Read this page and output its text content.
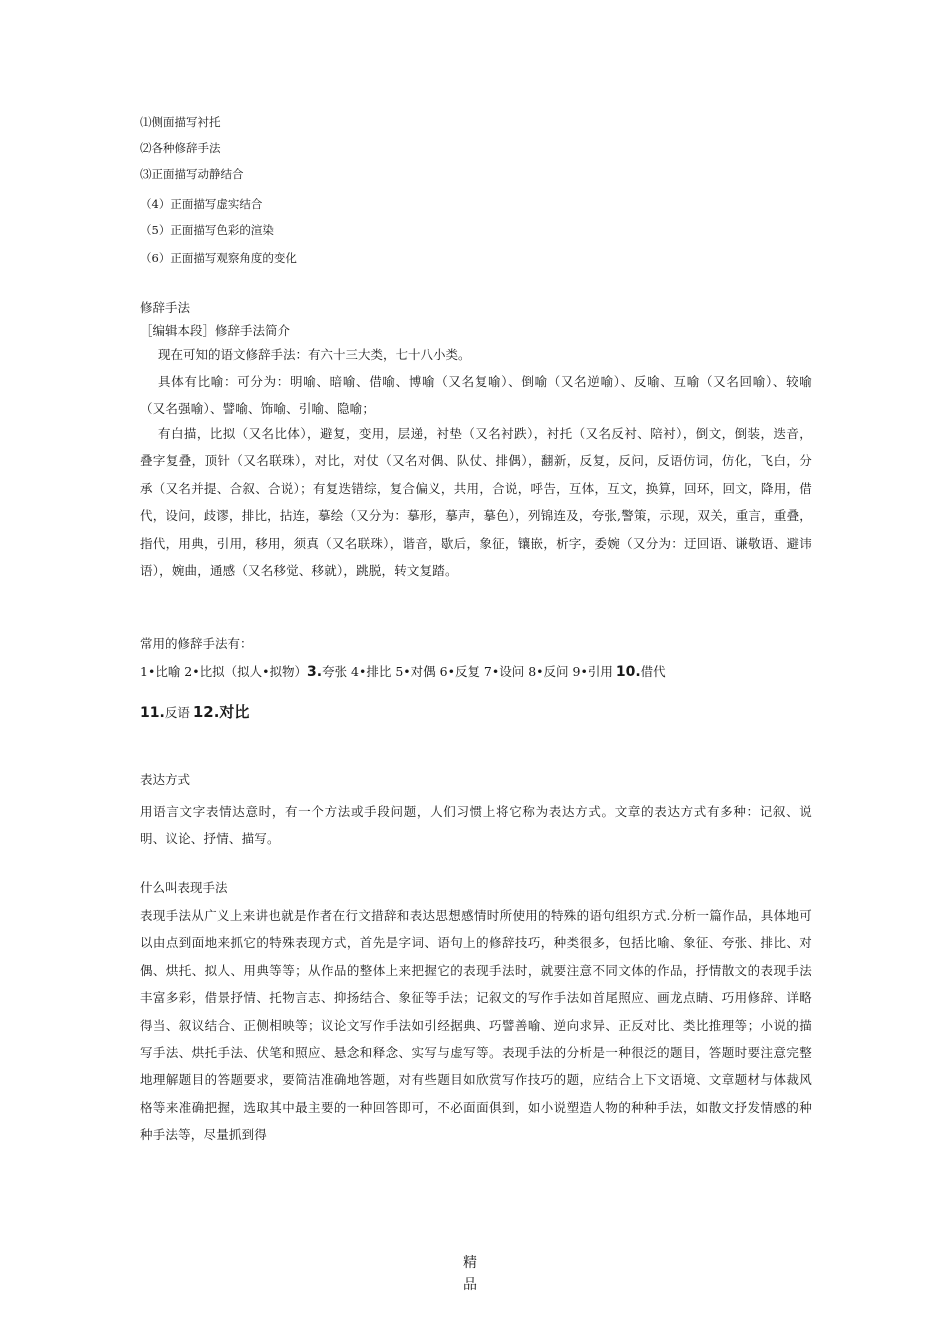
⑴侧面描写衬托
⑵各种修辞手法
⑶正面描写动静结合
（4）正面描写虚实结合
（5）正面描写色彩的渲染
（6）正面描写观察角度的变化
修辞手法
［编辑本段］修辞手法简介
现在可知的语文修辞手法：有六十三大类，七十八小类。
具体有比喻：可分为：明喻、暗喻、借喻、博喻（又名复喻）、倒喻（又名逆喻）、反喻、互喻（又名回喻）、较喻（又名强喻）、譬喻、饰喻、引喻、隐喻；
有白描，比拟（又名比体），避复，变用，层递，衬垫（又名衬跌），衬托（又名反衬、陪衬），倒文，倒装，迭音，叠字复叠，顶针（又名联珠），对比，对仗（又名对偶、队仗、排偶），翻新，反复，反问，反语仿词，仿化，飞白，分承（又名并提、合叙、合说）；有复迭错综，复合偏义，共用，合说，呼告，互体，互文，换算，回环，回文，降用，借代，设问，歧谬，排比，拈连，摹绘（又分为：摹形，摹声，摹色），列锦连及，夸张,警策，示现，双关，重言，重叠，指代，用典，引用，移用，须真（又名联珠），谐音，歇后，象征，镶嵌，析字，委婉（又分为：迂回语、谦敬语、避讳语），婉曲，通感（又名移觉、移就），跳脱，转文复踏。
常用的修辞手法有：
1•比喻 2•比拟（拟人•拟物）3.夸张 4•排比 5•对偶 6•反复 7•设问 8•反问 9•引用 10.借代
11.反语 12.对比
表达方式
用语言文字表情达意时，有一个方法或手段问题，人们习惯上将它称为表达方式。文章的表达方式有多种：记叙、说明、议论、抒情、描写。
什么叫表现手法
表现手法从广义上来讲也就是作者在行文措辞和表达思想感情时所使用的特殊的语句组织方式.分析一篇作品，具体地可以由点到面地来抓它的特殊表现方式，首先是字词、语句上的修辞技巧，种类很多，包括比喻、象征、夸张、排比、对偶、烘托、拟人、用典等等；从作品的整体上来把握它的表现手法时，就要注意不同文体的作品，抒情散文的表现手法丰富多彩，借景抒情、托物言志、抑扬结合、象征等手法；记叙文的写作手法如首尾照应、画龙点睛、巧用修辞、详略得当、叙议结合、正侧相映等；议论文写作手法如引经据典、巧譬善喻、逆向求异、正反对比、类比推理等；小说的描写手法、烘托手法、伏笔和照应、悬念和释念、实写与虚写等。表现手法的分析是一种很泛的题目，答题时要注意完整地理解题目的答题要求，要简洁准确地答题，对有些题目如欣赏写作技巧的题，应结合上下文语境、文章题材与体裁风格等来准确把握，选取其中最主要的一种回答即可，不必面面俱到，如小说塑造人物的种种手法，如散文抒发情感的种种手法等，尽量抓到得
精品
